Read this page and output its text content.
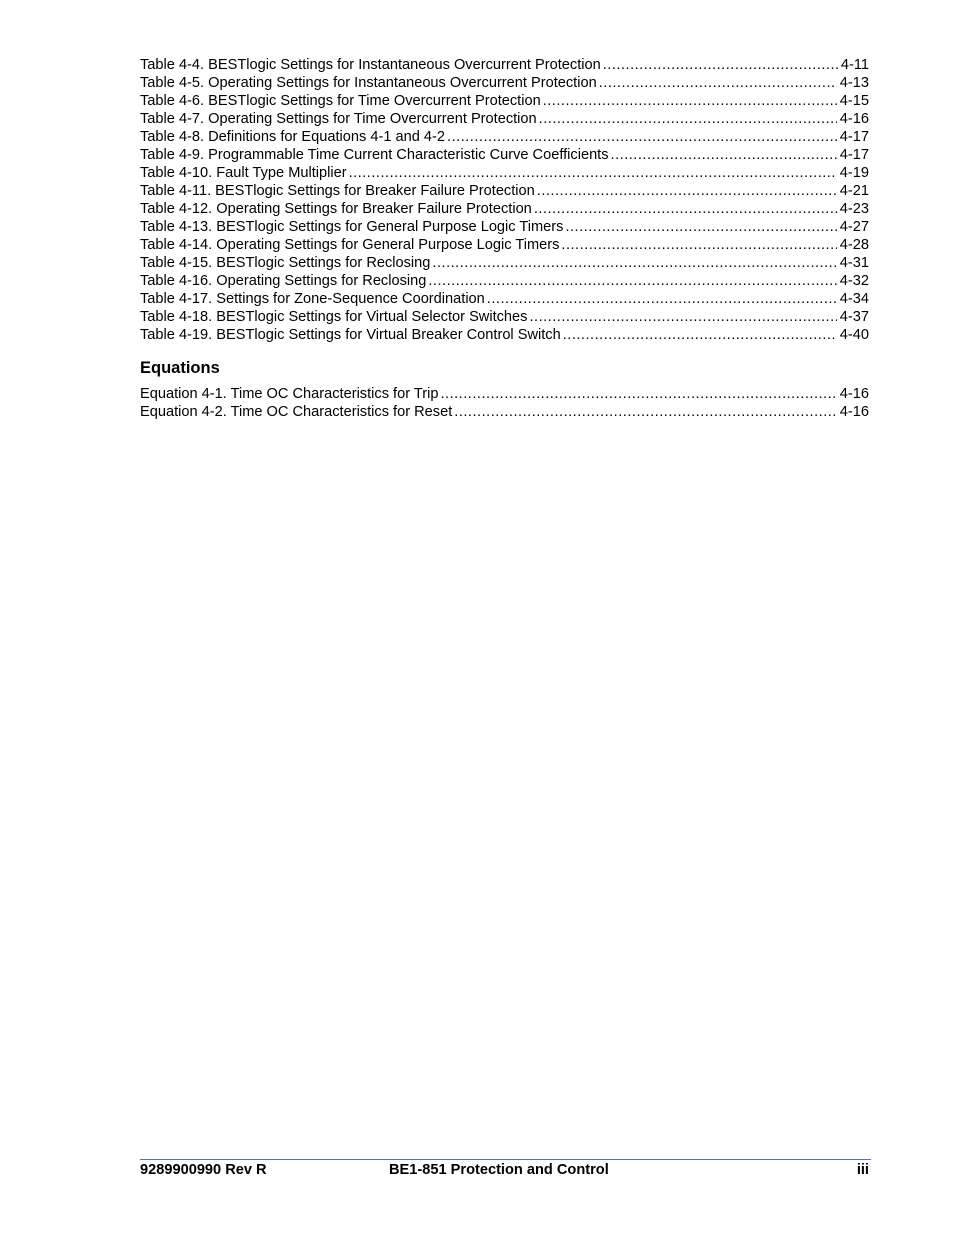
Table 4-4. BESTlogic Settings for Instantaneous Overcurrent Protection .....	4-11
Table 4-5. Operating Settings for Instantaneous Overcurrent Protection .....	4-13
Table 4-6. BESTlogic Settings for Time Overcurrent Protection .....	4-15
Table 4-7. Operating Settings for Time Overcurrent Protection .....	4-16
Table 4-8. Definitions for Equations 4-1 and 4-2 .....	4-17
Table 4-9. Programmable Time Current Characteristic Curve Coefficients .....	4-17
Table 4-10. Fault Type Multiplier .....	4-19
Table 4-11. BESTlogic Settings for Breaker Failure Protection .....	4-21
Table 4-12. Operating Settings for Breaker Failure Protection .....	4-23
Table 4-13. BESTlogic Settings for General Purpose Logic Timers .....	4-27
Table 4-14. Operating Settings for General Purpose Logic Timers .....	4-28
Table 4-15. BESTlogic Settings for Reclosing .....	4-31
Table 4-16. Operating Settings for Reclosing .....	4-32
Table 4-17. Settings for Zone-Sequence Coordination .....	4-34
Table 4-18. BESTlogic Settings for Virtual Selector Switches .....	4-37
Table 4-19. BESTlogic Settings for Virtual Breaker Control Switch .....	4-40
Equations
Equation 4-1. Time OC Characteristics for Trip .....	4-16
Equation 4-2. Time OC Characteristics for Reset .....	4-16
9289900990 Rev R	BE1-851 Protection and Control	iii
